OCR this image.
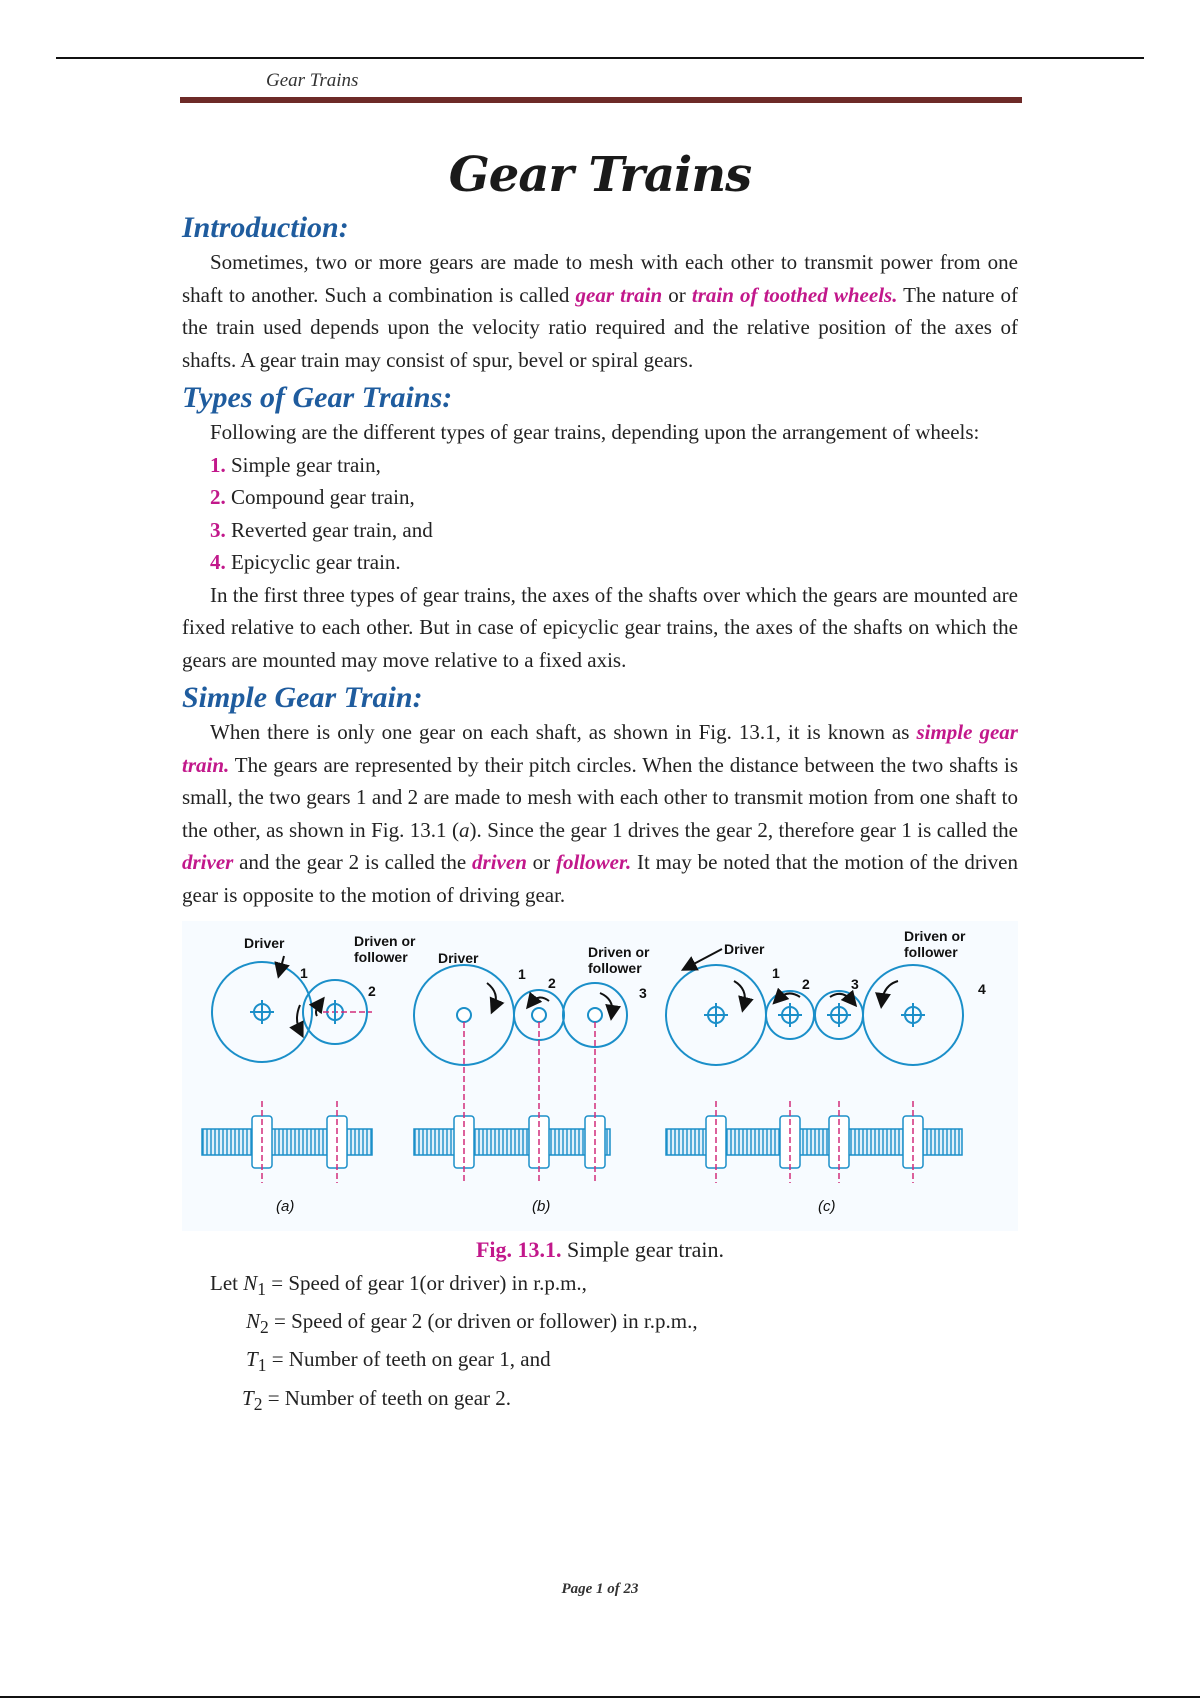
Gear Trains
Gear Trains
Introduction:

Sometimes, two or more gears are made to mesh with each other to transmit power from one shaft to another. Such a combination is called gear train or train of toothed wheels. The nature of the train used depends upon the velocity ratio required and the relative position of the axes of shafts. A gear train may consist of spur, bevel or spiral gears.

Types of Gear Trains:

Following are the different types of gear trains, depending upon the arrangement of wheels:

1. Simple gear train,
2. Compound gear train,
3. Reverted gear train, and
4. Epicyclic gear train.

In the first three types of gear trains, the axes of the shafts over which the gears are mounted are fixed relative to each other. But in case of epicyclic gear trains, the axes of the shafts on which the gears are mounted may move relative to a fixed axis.

Simple Gear Train:

When there is only one gear on each shaft, as shown in Fig. 13.1, it is known as simple gear train. The gears are represented by their pitch circles. When the distance between the two shafts is small, the two gears 1 and 2 are made to mesh with each other to transmit motion from one shaft to the other, as shown in Fig. 13.1 (a). Since the gear 1 drives the gear 2, therefore gear 1 is called the driver and the gear 2 is called the driven or follower. It may be noted that the motion of the driven gear is opposite to the motion of driving gear.

Driver	Driven or
follower
1
2
(a)
Driver	Driven or
follower
1
2
3
(b)
Driver
Driven or
follower
1
2	3	4
(c)
Fig. 13.1. Simple gear train.
Let $N_1$ = Speed of gear 1(or driver) in r.p.m.,
$N_2$ = Speed of gear 2 (or driven or follower) in r.p.m.,
$T_1$ = Number of teeth on gear 1, and
$T_2$ = Number of teeth on gear 2.
Page 1 of 23
